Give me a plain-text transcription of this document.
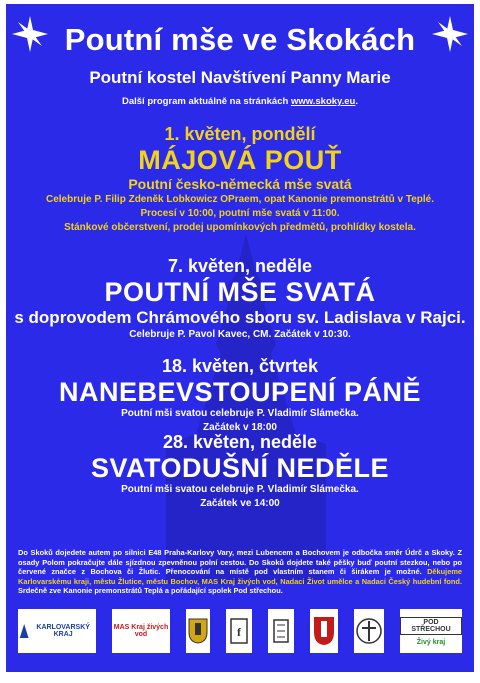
Poutní mše ve Skokách
Poutní kostel Navštívení Panny Marie
Další program aktuálně na stránkách www.skoky.eu.
1. květen, pondělí
MÁJOVÁ POUŤ
Poutní česko-německá mše svatá
Celebruje P. Filip Zdeněk Lobkowicz OPraem, opat Kanonie premonstrátů v Teplé.
Procesí v 10:00, poutní mše svatá v 11:00.
Stánkové občerstvení, prodej upomínkových předmětů, prohlídky kostela.
7. květen, neděle
POUTNÍ MŠE SVATÁ
s doprovodem Chrámového sboru sv. Ladislava v Rajci.
Celebruje P. Pavol Kavec, CM. Začátek v 10:30.
18. květen, čtvrtek
NANEBEVSTOUPENÍ PÁNĚ
Poutní mši svatou celebruje P. Vladimír Slámečka.
Začátek v 18:00
28. květen, neděle
SVATODUŠNÍ NEDĚLE
Poutní mši svatou celebruje P. Vladimír Slámečka.
Začátek ve 14:00
Do Skoků dojedete autem po silnici E48 Praha-Karlovy Vary, mezi Lubencem a Bochovem je odbočka směr Údrč a Skoky. Z osady Polom pokračujte dále sjízdnou zpevněnou polní cestou. Do Skoků dojdete také pěšky buď poutní stezkou, nebo po červené značce z Bochova či Žlutic. Přenocování na místě pod vlastním stanem či širákem je možné. Děkujeme Karlovarskému kraji, městu Žlutice, městu Bochov, MAS Kraj živých vod, Nadaci Život umělce a Nadaci Český hudební fond. Srdečně zve Kanonie premonstrátů Teplá a pořádající spolek Pod střechou.
KARLOVARSKÝ KRAJ
MAS Kraj živých vod	f
POD STŘECHOU
Živý kraj
